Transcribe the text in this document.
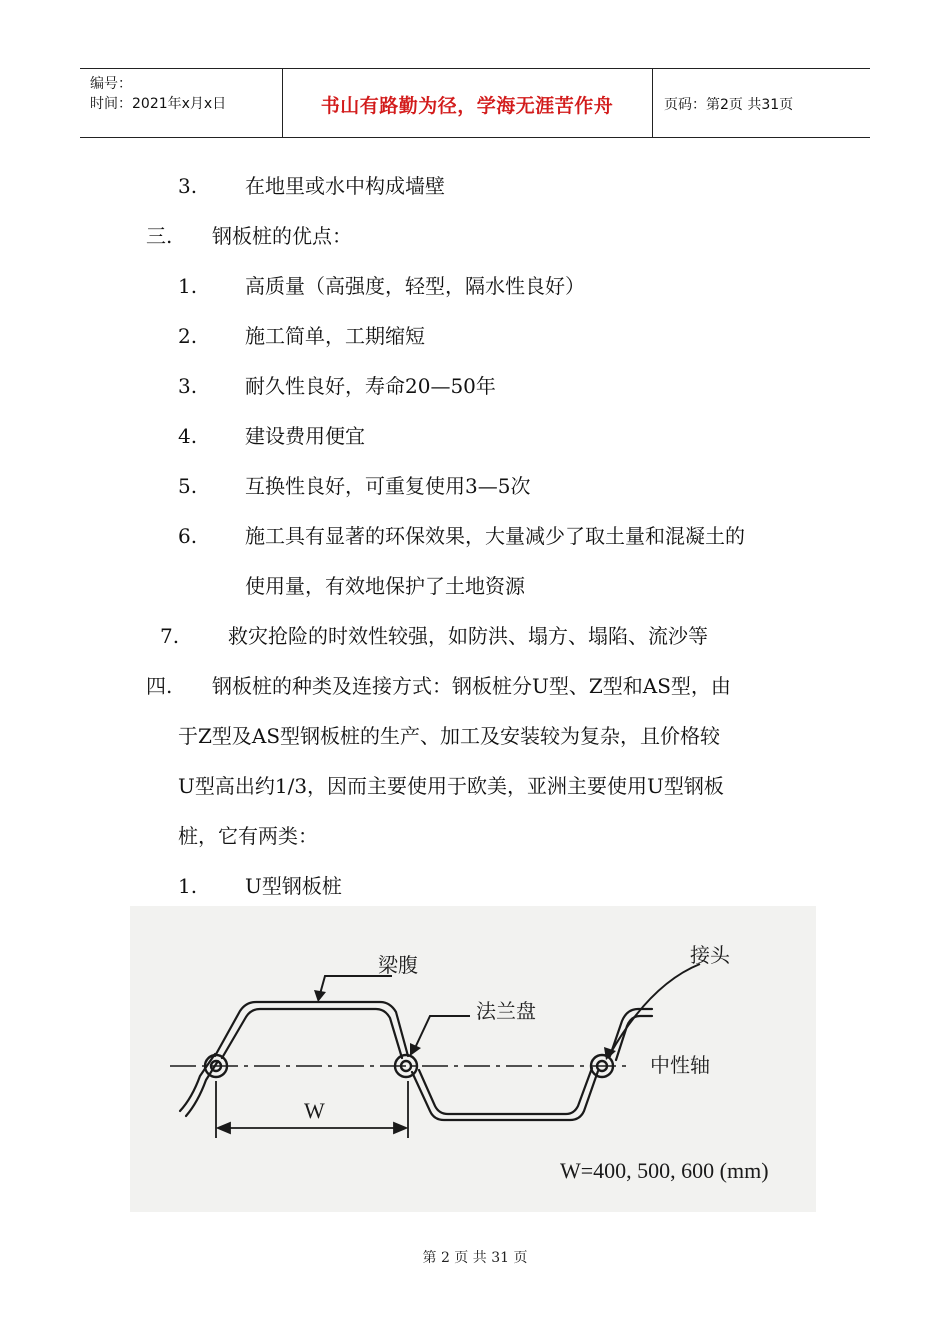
编号：
时间：2021年x月x日	书山有路勤为径，学海无涯苦作舟	页码：第2页 共31页
3. 在地里或水中构成墙壁
三. 钢板桩的优点：
1. 高质量（高强度，轻型，隔水性良好）
2. 施工简单，工期缩短
3. 耐久性良好，寿命20—50年
4. 建设费用便宜
5. 互换性良好，可重复使用3—5次
6. 施工具有显著的环保效果，大量减少了取土量和混凝土的
使用量，有效地保护了土地资源
7. 救灾抢险的时效性较强，如防洪、塌方、塌陷、流沙等
四. 钢板桩的种类及连接方式：钢板桩分U型、Z型和AS型，由
于Z型及AS型钢板桩的生产、加工及安装较为复杂，且价格较
U型高出约1/3，因而主要使用于欧美，亚洲主要使用U型钢板
桩，它有两类：
1. U型钢板桩
梁腹
法兰盘
接头
中性轴
W
W=400, 500, 600 (mm)
第 2 页 共 31 页
